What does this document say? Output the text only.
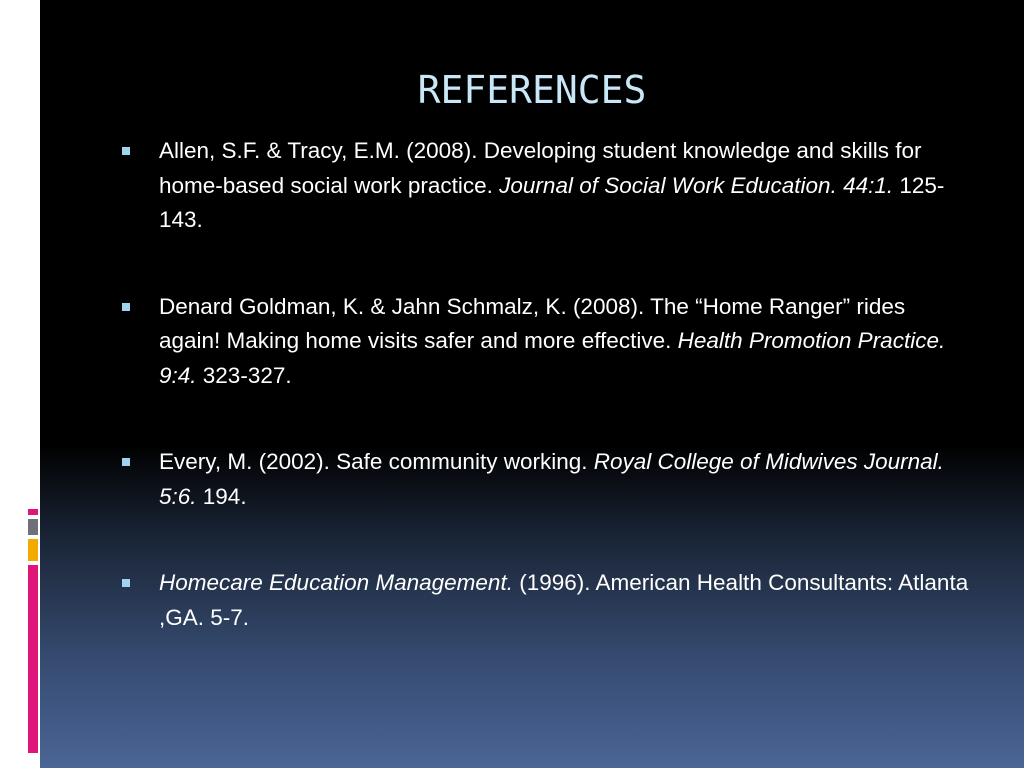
REFERENCES
Allen, S.F. & Tracy, E.M. (2008). Developing student knowledge and skills for home-based social work practice. Journal of Social Work Education. 44:1. 125-143.
Denard Goldman, K. & Jahn Schmalz, K. (2008). The “Home Ranger” rides again! Making home visits safer and more effective. Health Promotion Practice. 9:4. 323-327.
Every, M. (2002). Safe community working. Royal College of Midwives Journal. 5:6. 194.
Homecare Education Management. (1996). American Health Consultants: Atlanta ,GA. 5-7.
